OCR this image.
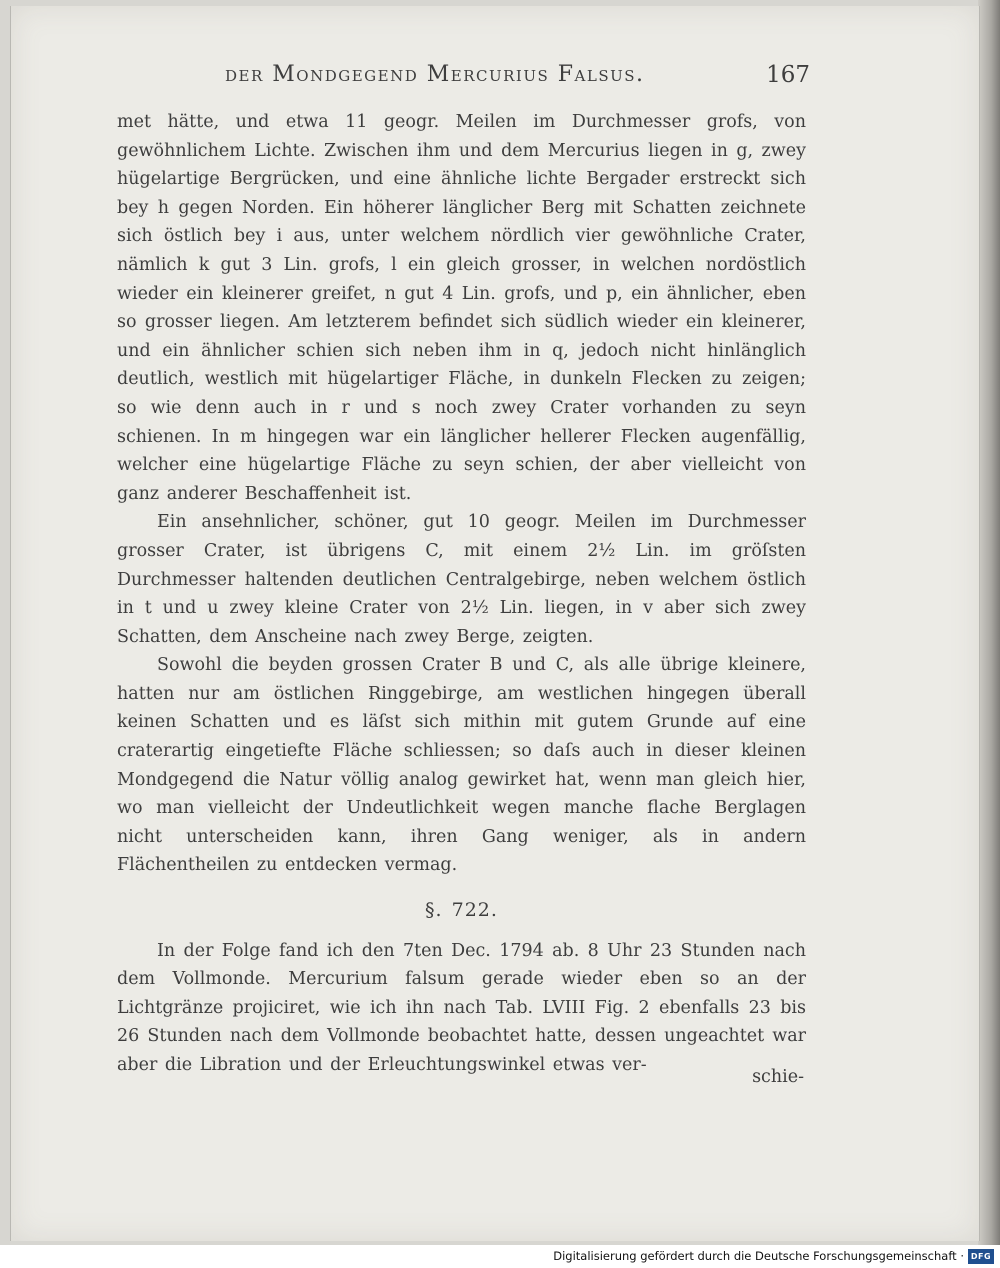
der Mondgegend Mercurius Falsus.	167

met hätte, und etwa 11 geogr. Meilen im Durchmesser grofs, von gewöhnlichem Lichte. Zwischen ihm und dem Mercurius liegen in g, zwey hügelartige Bergrücken, und eine ähnliche lichte Bergader erstreckt sich bey h gegen Norden. Ein höherer länglicher Berg mit Schatten zeichnete sich östlich bey i aus, unter welchem nördlich vier gewöhnliche Crater, nämlich k gut 3 Lin. grofs, l ein gleich grosser, in welchen nordöstlich wieder ein kleinerer greifet, n gut 4 Lin. grofs, und p, ein ähnlicher, eben so grosser liegen. Am letzterem befindet sich südlich wieder ein kleinerer, und ein ähnlicher schien sich neben ihm in q, jedoch nicht hinlänglich deutlich, westlich mit hügelartiger Fläche, in dunkeln Flecken zu zeigen; so wie denn auch in r und s noch zwey Crater vorhanden zu seyn schienen. In m hingegen war ein länglicher hellerer Flecken augenfällig, welcher eine hügelartige Fläche zu seyn schien, der aber vielleicht von ganz anderer Beschaffenheit ist.

Ein ansehnlicher, schöner, gut 10 geogr. Meilen im Durchmesser grosser Crater, ist übrigens C, mit einem 2½ Lin. im gröſsten Durchmesser haltenden deutlichen Centralgebirge, neben welchem östlich in t und u zwey kleine Crater von 2½ Lin. liegen, in v aber sich zwey Schatten, dem Anscheine nach zwey Berge, zeigten.

Sowohl die beyden grossen Crater B und C, als alle übrige kleinere, hatten nur am östlichen Ringgebirge, am westlichen hingegen überall keinen Schatten und es läſst sich mithin mit gutem Grunde auf eine craterartig eingetiefte Fläche schliessen; so daſs auch in dieser kleinen Mondgegend die Natur völlig analog gewirket hat, wenn man gleich hier, wo man vielleicht der Undeutlichkeit wegen manche flache Berglagen nicht unterscheiden kann, ihren Gang weniger, als in andern Flächentheilen zu entdecken vermag.

§. 722.

In der Folge fand ich den 7ten Dec. 1794 ab. 8 Uhr 23 Stunden nach dem Vollmonde. Mercurium falsum gerade wieder eben so an der Lichtgränze projiciret, wie ich ihn nach Tab. LVIII Fig. 2 ebenfalls 23 bis 26 Stunden nach dem Vollmonde beobachtet hatte, dessen ungeachtet war aber die Libration und der Erleuchtungswinkel etwas ver-

schie-
Digitalisierung gefördert durch die Deutsche Forschungsgemeinschaft · DFG
